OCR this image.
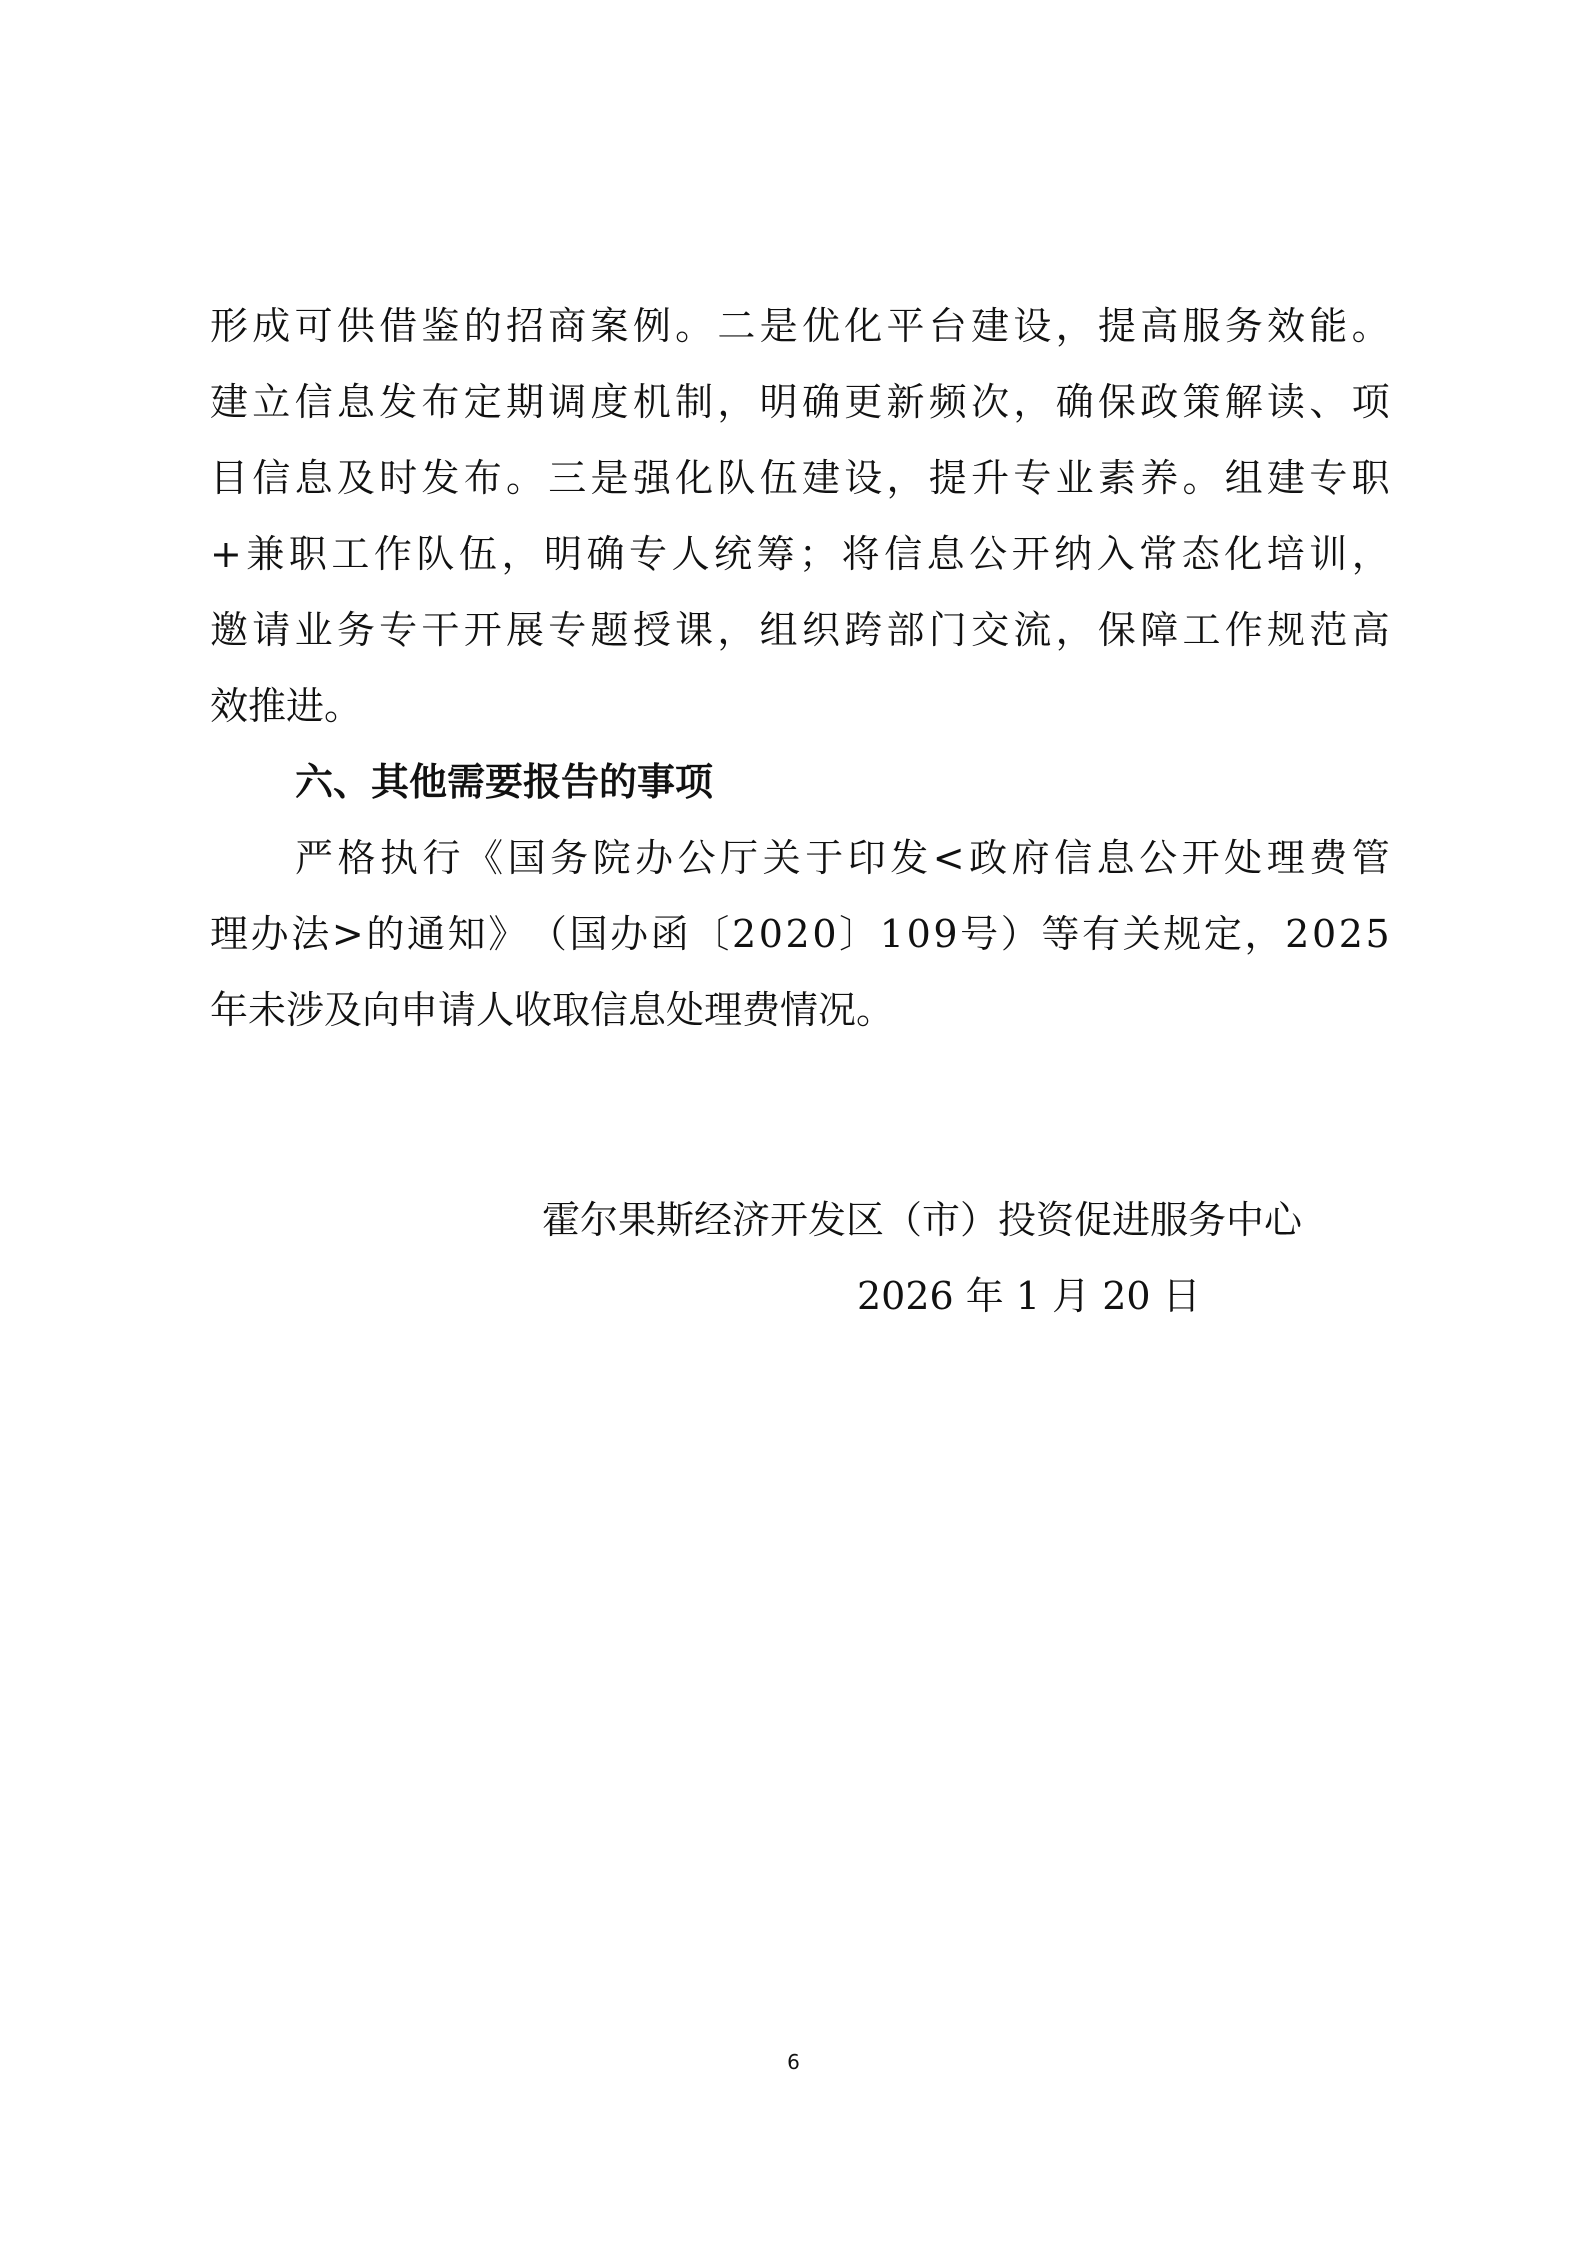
形 成 可 供 借 鉴 的 招 商 案 例 。 二 是 优 化 平 台 建 设 ， 提 高 服 务 效 能 。
建 立 信 息 发 布 定 期 调 度 机 制 ， 明 确 更 新 频 次 ， 确 保 政 策 解 读 、 项
目 信 息 及 时 发 布 。 三 是 强 化 队 伍 建 设 ， 提 升 专 业 素 养 。 组 建 专 职
+ 兼 职 工 作 队 伍 ， 明 确 专 人 统 筹 ； 将 信 息 公 开 纳 入 常 态 化 培 训 ，
邀 请 业 务 专 干 开 展 专 题 授 课 ， 组 织 跨 部 门 交 流 ， 保 障 工 作 规 范 高
效推进。
六、其他需要报告的事项
严 格 执 行 《 国 务 院 办 公 厅 关 于 印 发 < 政 府 信 息 公 开 处 理 费 管
理 办 法 > 的 通 知 》 （ 国 办 函 〔 2 0 2 0 〕 1 0 9 号 ） 等 有 关 规 定 ， 2 0 2 5
年未涉及向申请人收取信息处理费情况。
霍尔果斯经济开发区（市）投资促进服务中心
2026 年 1 月 20 日
6
